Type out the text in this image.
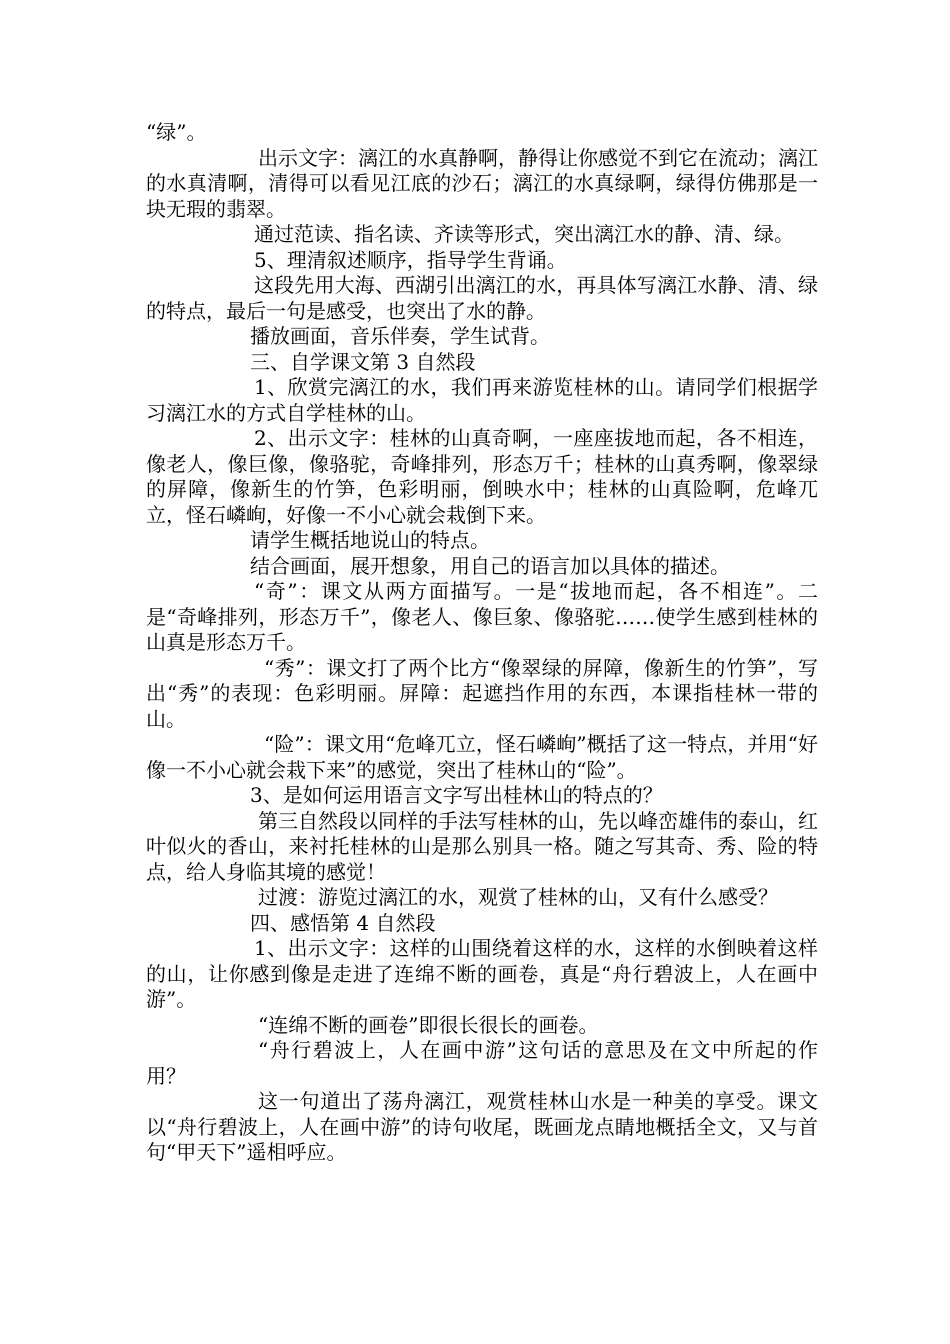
“绿”。

出示文字：漓江的水真静啊，静得让你感觉不到它在流动；漓江的水真清啊，清得可以看见江底的沙石；漓江的水真绿啊，绿得仿佛那是一块无瑕的翡翠。

通过范读、指名读、齐读等形式，突出漓江水的静、清、绿。

5、理清叙述顺序，指导学生背诵。

这段先用大海、西湖引出漓江的水，再具体写漓江水静、清、绿的特点，最后一句是感受，也突出了水的静。

播放画面，音乐伴奏，学生试背。

三、自学课文第 3 自然段

1、欣赏完漓江的水，我们再来游览桂林的山。请同学们根据学习漓江水的方式自学桂林的山。

2、出示文字：桂林的山真奇啊，一座座拔地而起，各不相连，像老人，像巨像，像骆驼，奇峰排列，形态万千；桂林的山真秀啊，像翠绿的屏障，像新生的竹笋，色彩明丽，倒映水中；桂林的山真险啊，危峰兀立，怪石嶙峋，好像一不小心就会栽倒下来。

请学生概括地说山的特点。

结合画面，展开想象，用自己的语言加以具体的描述。

“奇”：课文从两方面描写。一是“拔地而起，各不相连”。二是“奇峰排列，形态万千”，像老人、像巨象、像骆驼……使学生感到桂林的山真是形态万千。

“秀”：课文打了两个比方“像翠绿的屏障，像新生的竹笋”，写出“秀”的表现：色彩明丽。屏障：起遮挡作用的东西，本课指桂林一带的山。

“险”：课文用“危峰兀立，怪石嶙峋”概括了这一特点，并用“好像一不小心就会栽下来”的感觉，突出了桂林山的“险”。

3、是如何运用语言文字写出桂林山的特点的？

第三自然段以同样的手法写桂林的山，先以峰峦雄伟的泰山，红叶似火的香山，来衬托桂林的山是那么别具一格。随之写其奇、秀、险的特点，给人身临其境的感觉！

过渡：游览过漓江的水，观赏了桂林的山，又有什么感受？

四、感悟第 4 自然段

1、出示文字：这样的山围绕着这样的水，这样的水倒映着这样的山，让你感到像是走进了连绵不断的画卷，真是“舟行碧波上，人在画中游”。

“连绵不断的画卷”即很长很长的画卷。

“舟行碧波上，人在画中游”这句话的意思及在文中所起的作用？

这一句道出了荡舟漓江，观赏桂林山水是一种美的享受。课文以“舟行碧波上，人在画中游”的诗句收尾，既画龙点睛地概括全文，又与首句“甲天下”遥相呼应。
